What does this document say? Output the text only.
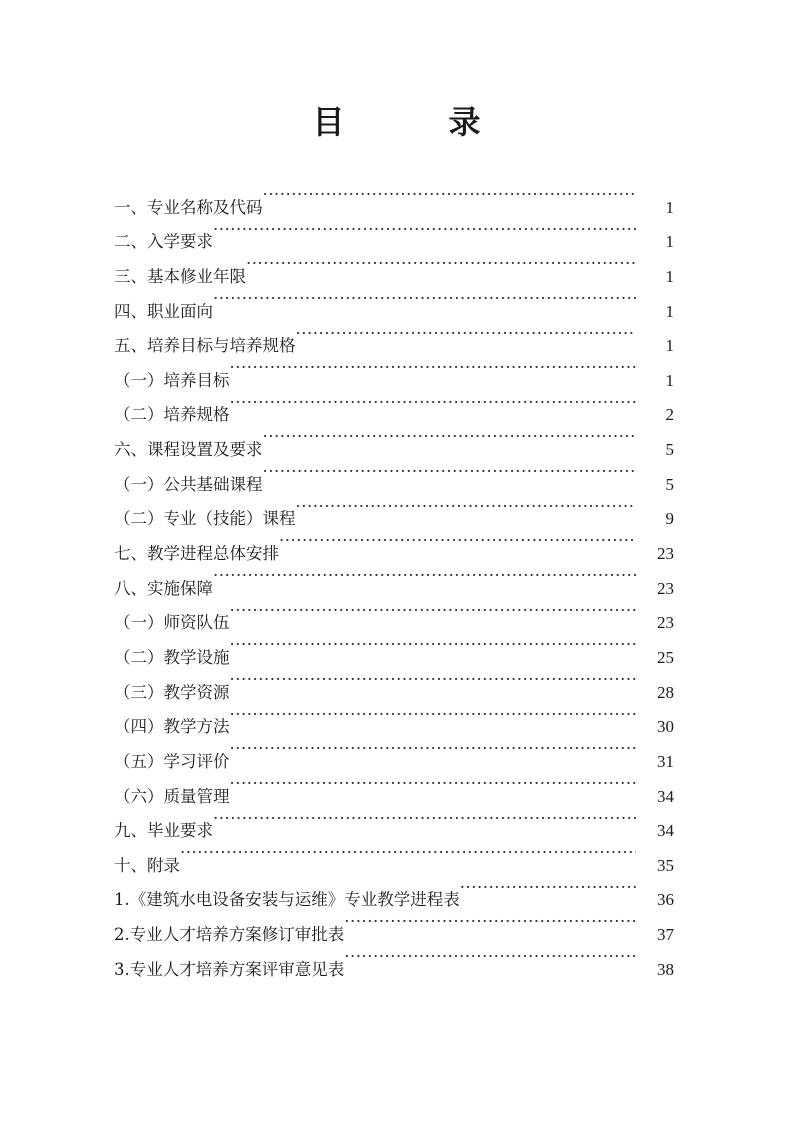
目　录
一、专业名称及代码 ·····	1
二、入学要求 ·····	1
三、基本修业年限 ·····	1
四、职业面向 ·····	1
五、培养目标与培养规格 ·····	1
（一）培养目标 ·····	1
（二）培养规格 ·····	2
六、课程设置及要求 ·····	5
（一）公共基础课程 ·····	5
（二）专业（技能）课程 ·····	9
七、教学进程总体安排 ·····	23
八、实施保障 ·····	23
（一）师资队伍 ·····	23
（二）教学设施 ·····	25
（三）教学资源 ·····	28
（四）教学方法 ·····	30
（五）学习评价 ·····	31
（六）质量管理 ·····	34
九、毕业要求 ·····	34
十、附录 ·····	35
1.《建筑水电设备安装与运维》专业教学进程表 ·····	36
2.专业人才培养方案修订审批表 ·····	37
3.专业人才培养方案评审意见表 ·····	38
